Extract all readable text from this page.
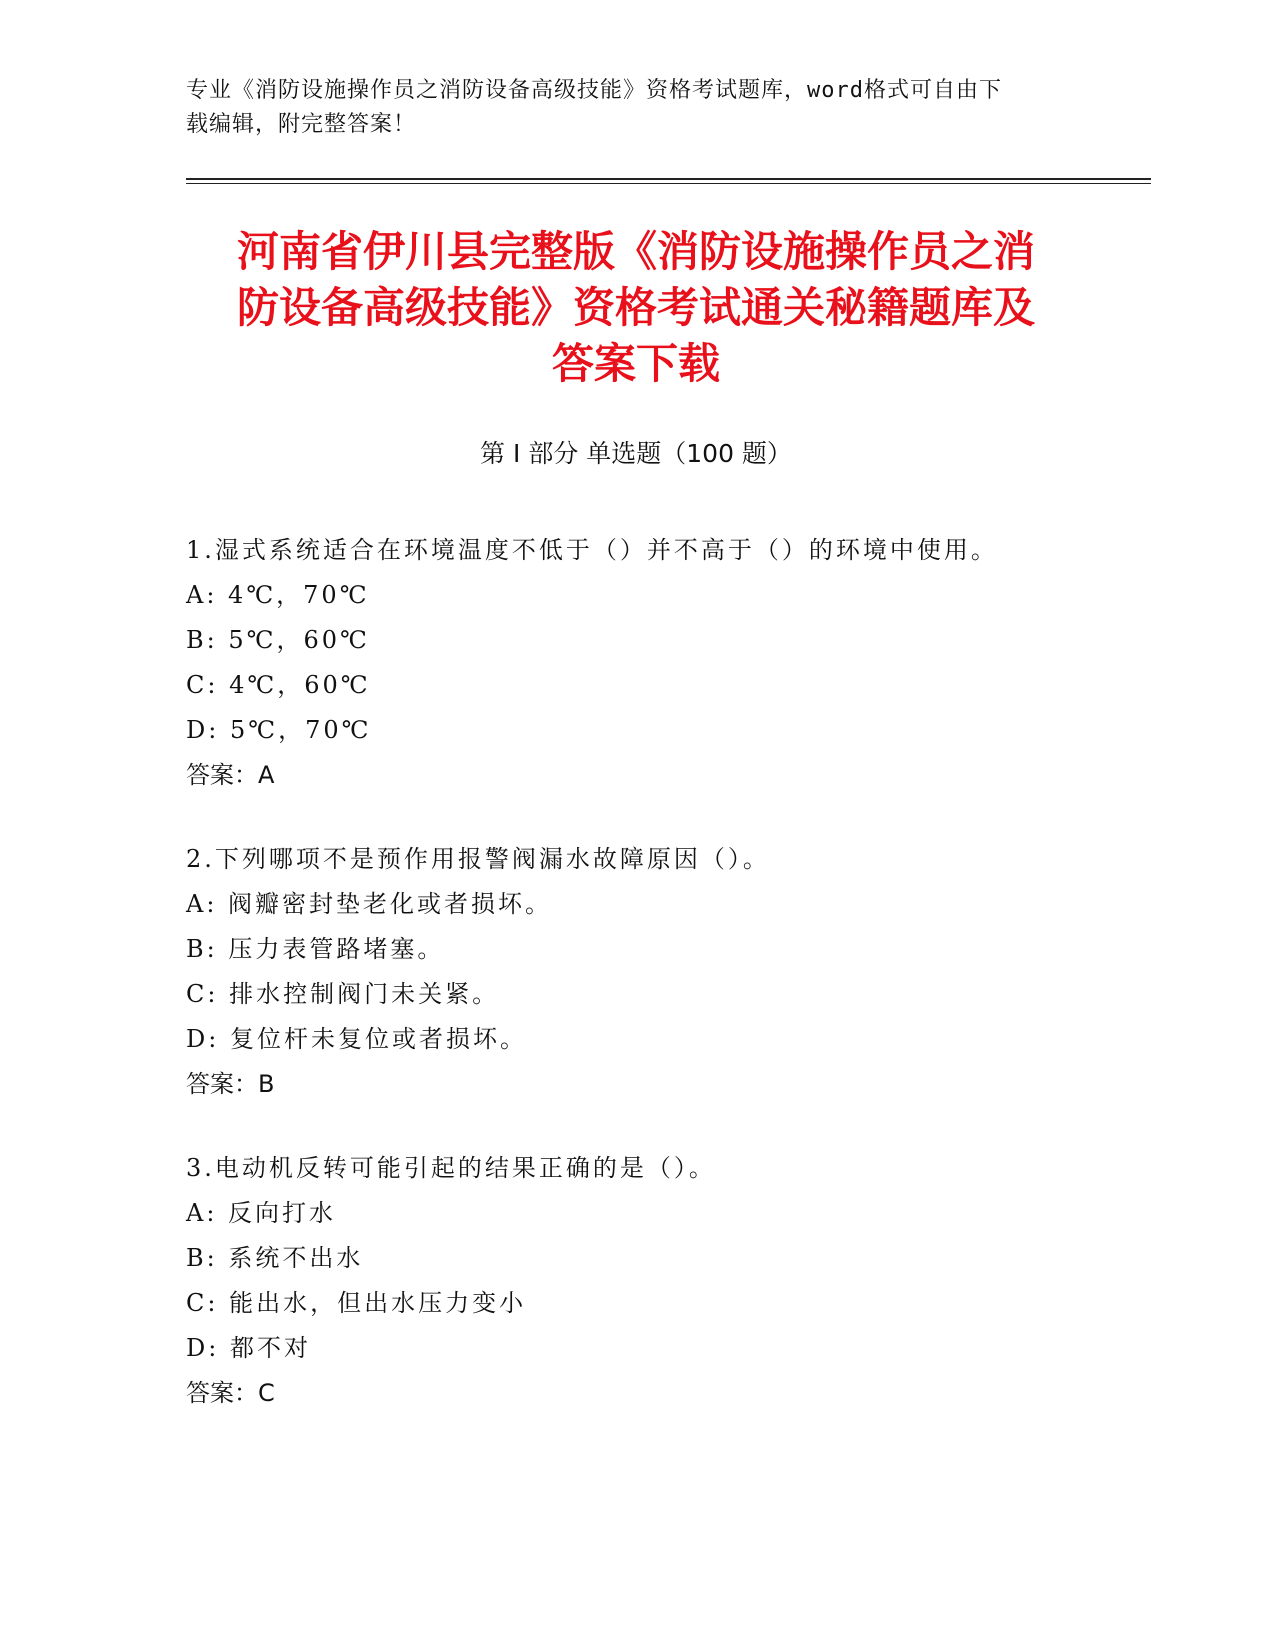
专业《消防设施操作员之消防设备高级技能》资格考试题库，word格式可自由下
载编辑，附完整答案！
河南省伊川县完整版《消防设施操作员之消
防设备高级技能》资格考试通关秘籍题库及
答案下载
第 I 部分 单选题（100 题）
1.湿式系统适合在环境温度不低于（）并不高于（）的环境中使用。
A: 4℃，70℃
B: 5℃，60℃
C: 4℃，60℃
D: 5℃，70℃
答案：A
2.下列哪项不是预作用报警阀漏水故障原因（）。
A: 阀瓣密封垫老化或者损坏。
B: 压力表管路堵塞。
C: 排水控制阀门未关紧。
D: 复位杆未复位或者损坏。
答案：B
3.电动机反转可能引起的结果正确的是（）。
A: 反向打水
B: 系统不出水
C: 能出水，但出水压力变小
D: 都不对
答案：C
